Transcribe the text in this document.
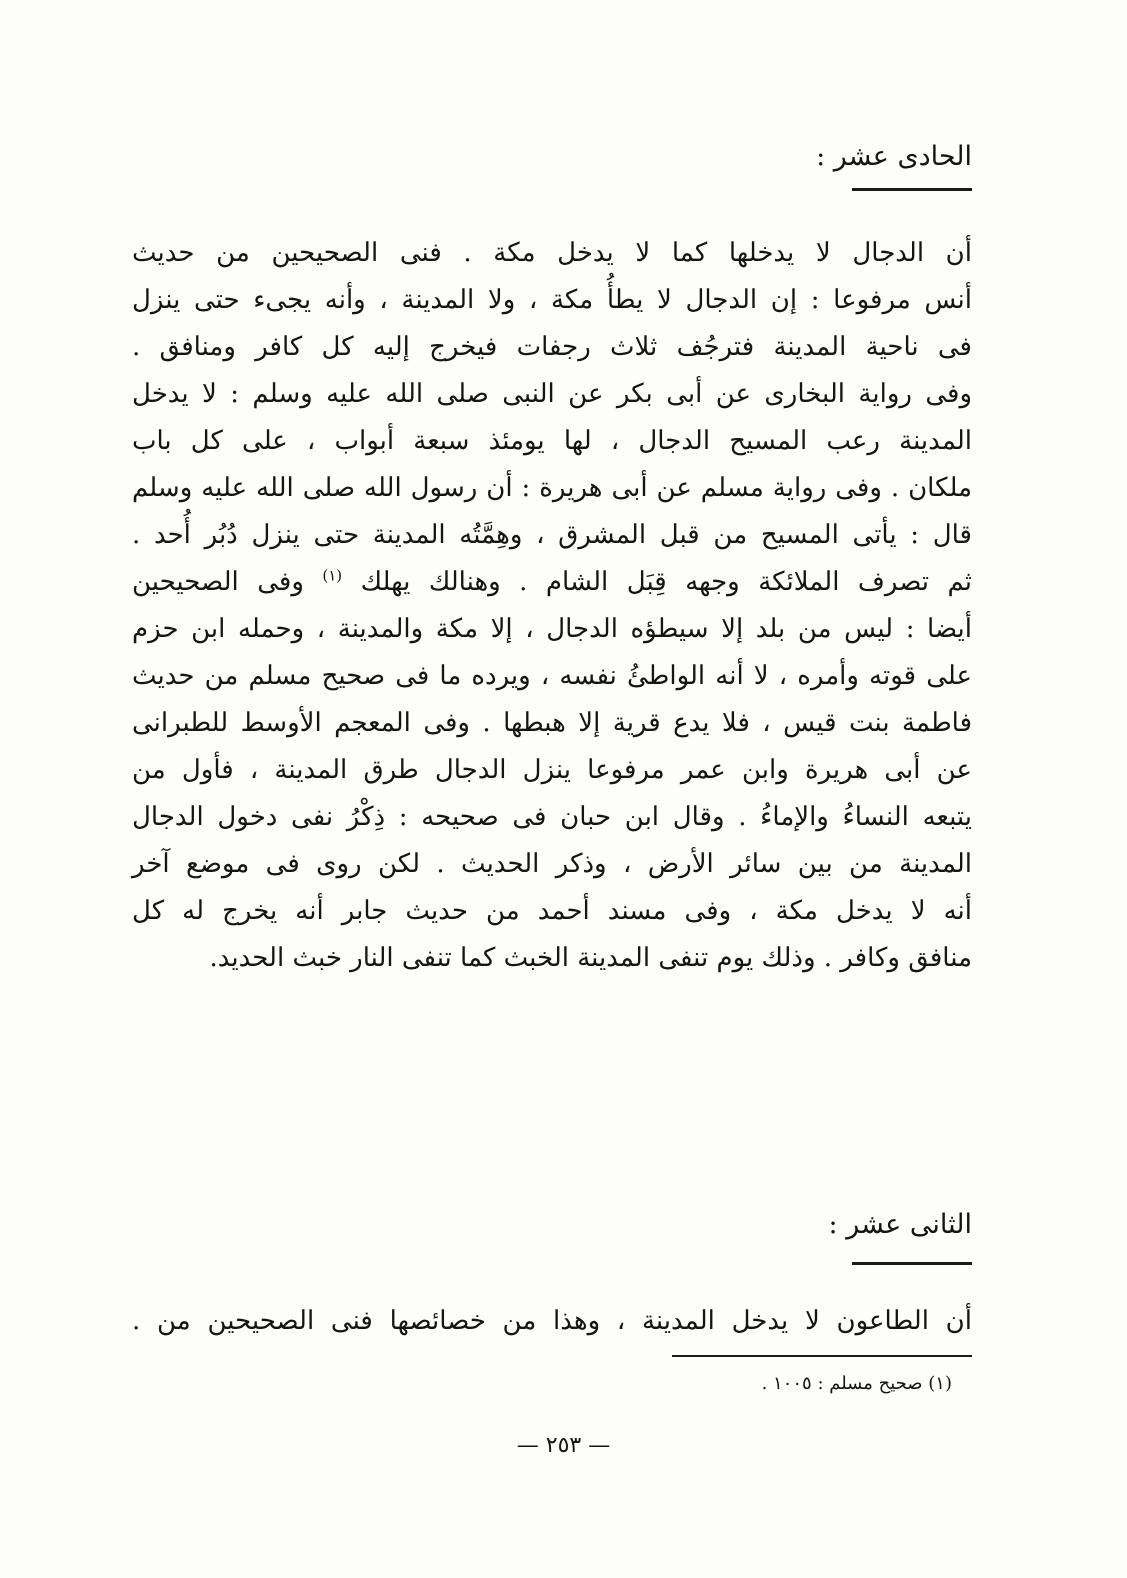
الحادى عشر :
أن الدجال لا يدخلها كما لا يدخل مكة . فنى الصحيحين من حديث
أنس مرفوعا : إن الدجال لا يطأُ مكة ، ولا المدينة ، وأنه يجىء حتى ينزل
فى ناحية المدينة فترجُف ثلاث رجفات فيخرج إليه كل كافر ومنافق .
وفى رواية البخارى عن أبى بكر عن النبى صلى الله عليه وسلم : لا يدخل
المدينة رعب المسيح الدجال ، لها يومئذ سبعة أبواب ، على كل باب
ملكان . وفى رواية مسلم عن أبى هريرة : أن رسول الله صلى الله عليه وسلم
قال : يأتى المسيح من قبل المشرق ، وهِمَّتُه المدينة حتى ينزل دُبُر أُحد .
ثم تصرف الملائكة وجهه قِبَل الشام . وهنالك يهلك $^{(١)}$ وفى الصحيحين
أيضا : ليس من بلد إلا سيطؤه الدجال ، إلا مكة والمدينة ، وحمله ابن حزم
على قوته وأمره ، لا أنه الواطئُ نفسه ، ويرده ما فى صحيح مسلم من حديث
فاطمة بنت قيس ، فلا يدع قرية إلا هبطها . وفى المعجم الأوسط للطبرانى
عن أبى هريرة وابن عمر مرفوعا ينزل الدجال طرق المدينة ، فأول من
يتبعه النساءُ والإماءُ . وقال ابن حبان فى صحيحه : ذِكْرُ نفى دخول الدجال
المدينة من بين سائر الأرض ، وذكر الحديث . لكن روى فى موضع آخر
أنه لا يدخل مكة ، وفى مسند أحمد من حديث جابر أنه يخرج له كل
منافق وكافر . وذلك يوم تنفى المدينة الخبث كما تنفى النار خبث الحديد.
الثانى عشر :
أن الطاعون لا يدخل المدينة ، وهذا من خصائصها فنى الصحيحين من .
(١) صحيح مسلم : ١٠٠٥ .
— ٢٥٣ —
